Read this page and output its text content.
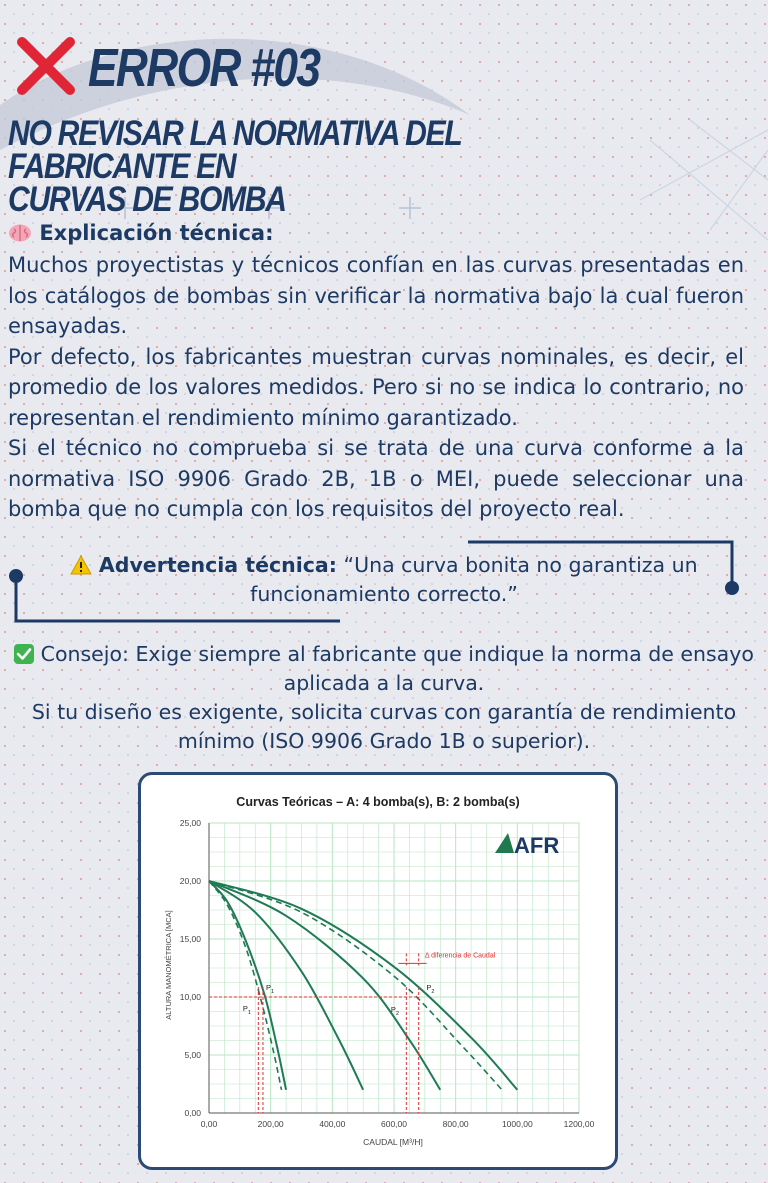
ERROR #03
NO REVISAR LA NORMATIVA DEL FABRICANTE EN
CURVAS DE BOMBA
Explicación técnica:

Muchos proyectistas y técnicos confían en las curvas presentadas en los catálogos de bombas sin verificar la normativa bajo la cual fueron ensayadas.

Por defecto, los fabricantes muestran curvas nominales, es decir, el promedio de los valores medidos. Pero si no se indica lo contrario, no representan el rendimiento mínimo garantizado.

Si el técnico no comprueba si se trata de una curva conforme a la normativa ISO 9906 Grado 2B, 1B o MEI, puede seleccionar una bomba que no cumpla con los requisitos del proyecto real.

Advertencia técnica: “Una curva bonita no garantiza un funcionamiento correcto.”
Consejo: Exige siempre al fabricante que indique la norma de ensayo aplicada a la curva.
Si tu diseño es exigente, solicita curvas con garantía de rendimiento mínimo (ISO 9906 Grado 1B o superior).
Curvas Teóricas – A: 4 bomba(s), B: 2 bomba(s)
0,00	200,00	400,00	600,00	800,00	1000,00	1200,00
0,00
5,00
10,00
15,00
20,00
25,00
$P_1$
$P_1$	$P_2$
$P_2$
Δ diferencia de Caudal
CAUDAL [M³/H]
ALTURA MANOMÉTRICA [MCA]
AFR
